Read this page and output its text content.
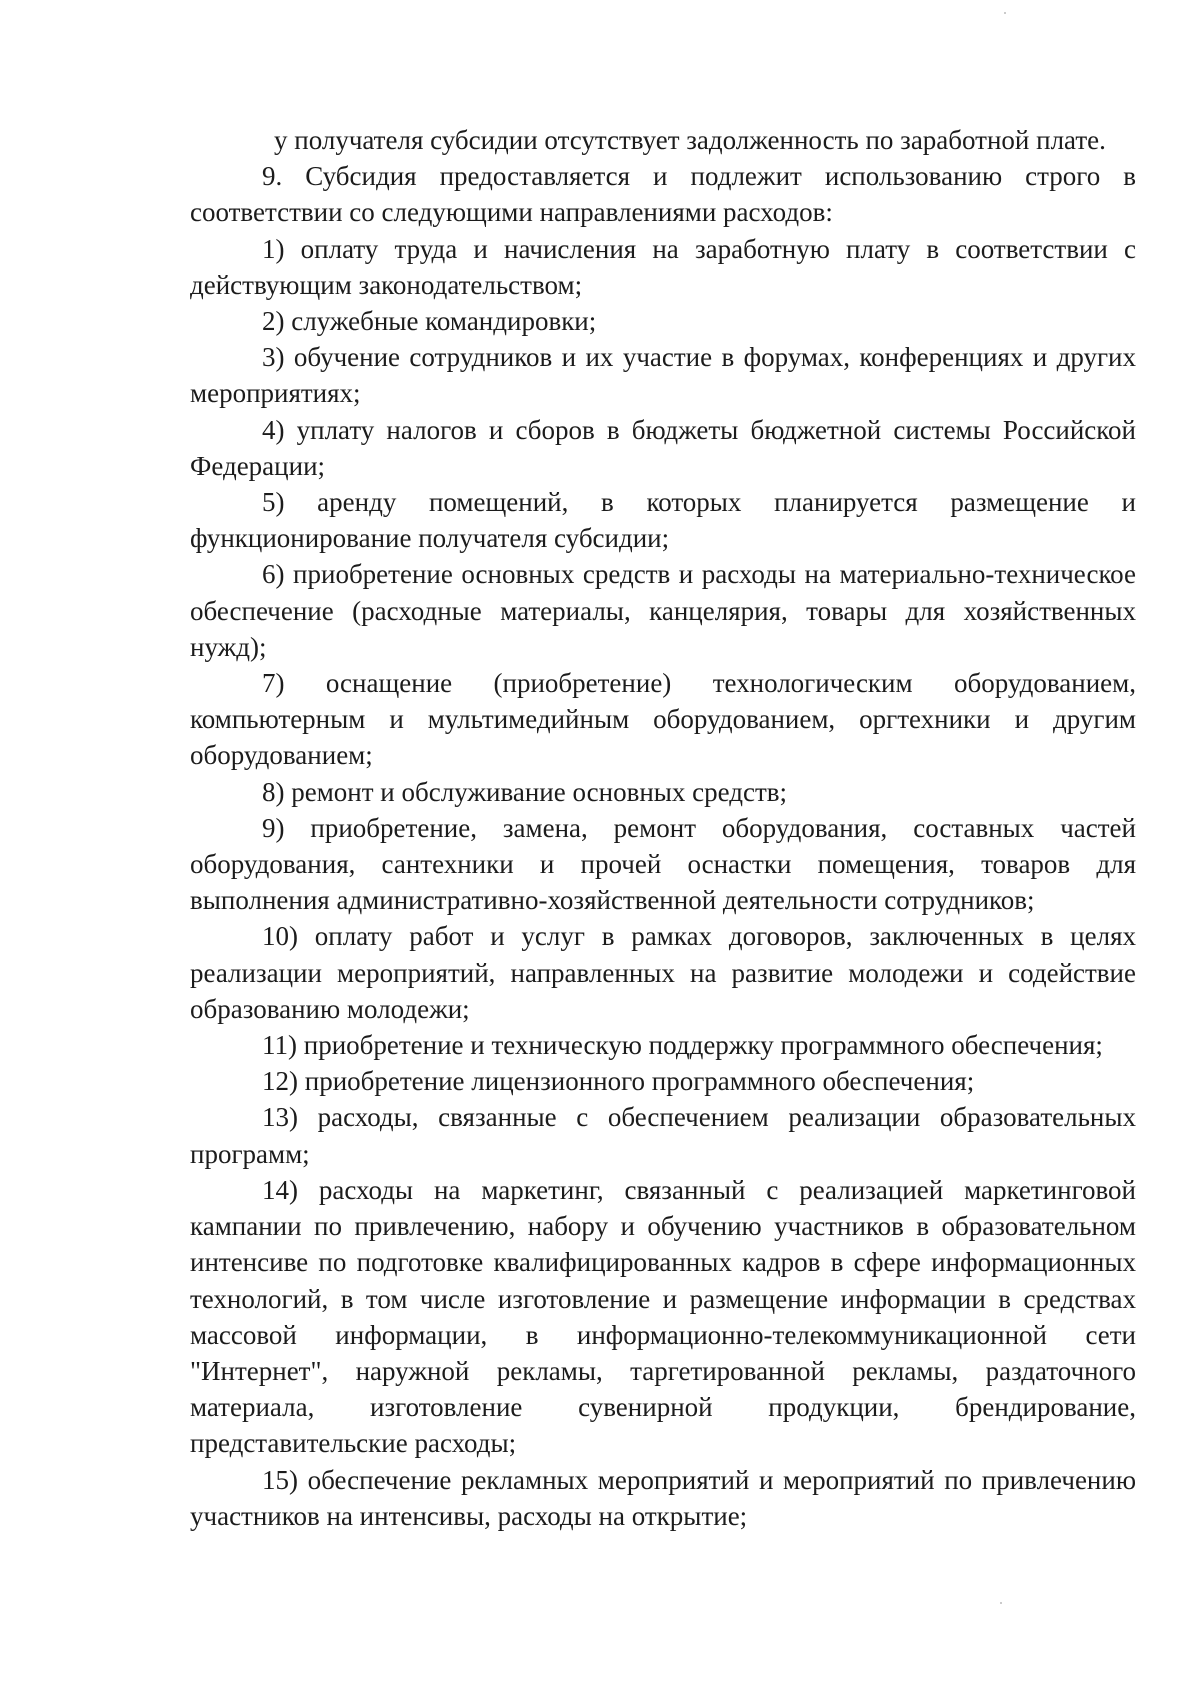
у получателя субсидии отсутствует задолженность по заработной плате.

9. Субсидия предоставляется и подлежит использованию строго в соответствии со следующими направлениями расходов:

1) оплату труда и начисления на заработную плату в соответствии с действующим законодательством;

2) служебные командировки;

3) обучение сотрудников и их участие в форумах, конференциях и других мероприятиях;

4) уплату налогов и сборов в бюджеты бюджетной системы Российской Федерации;

5) аренду помещений, в которых планируется размещение и функционирование получателя субсидии;

6) приобретение основных средств и расходы на материально-техническое обеспечение (расходные материалы, канцелярия, товары для хозяйственных нужд);

7) оснащение (приобретение) технологическим оборудованием, компьютерным и мультимедийным оборудованием, оргтехники и другим оборудованием;

8) ремонт и обслуживание основных средств;

9) приобретение, замена, ремонт оборудования, составных частей оборудования, сантехники и прочей оснастки помещения, товаров для выполнения административно-хозяйственной деятельности сотрудников;

10) оплату работ и услуг в рамках договоров, заключенных в целях реализации мероприятий, направленных на развитие молодежи и содействие образованию молодежи;

11) приобретение и техническую поддержку программного обеспечения;

12) приобретение лицензионного программного обеспечения;

13) расходы, связанные с обеспечением реализации образовательных программ;

14) расходы на маркетинг, связанный с реализацией маркетинговой кампании по привлечению, набору и обучению участников в образовательном интенсиве по подготовке квалифицированных кадров в сфере информационных технологий, в том числе изготовление и размещение информации в средствах массовой информации, в информационно-телекоммуникационной сети "Интернет", наружной рекламы, таргетированной рекламы, раздаточного материала, изготовление сувенирной продукции, брендирование, представительские расходы;

15) обеспечение рекламных мероприятий и мероприятий по привлечению участников на интенсивы, расходы на открытие;
